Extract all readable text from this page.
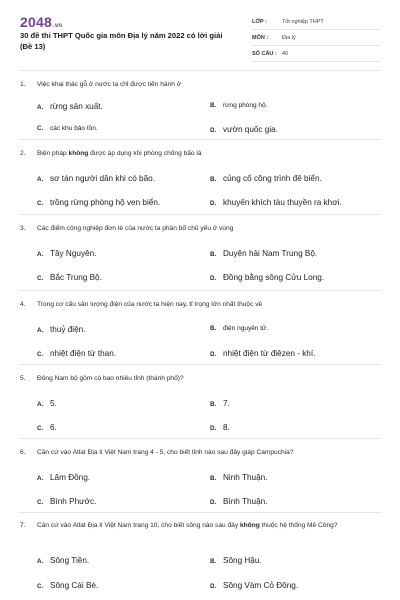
2048.vn
30 đề thi THPT Quốc gia môn Địa lý năm 2022 có lời giải (Đề 13)
LỚP :	Tốt nghiệp THPT
MÔN :	Địa lý
SỐ CÂU : 40
1.	Việc khai thác gỗ ở nước ta chỉ được tiến hành ở
A. rừng sản xuất.	B.	rừng phòng hộ.
C.	các khu bảo tồn.	D. vườn quốc gia.
2.	Biện pháp không được áp dụng khi phòng chống bão là
A. sơ tán người dân khi có bão.	B. củng cố công trình đê biển.
C. trồng rừng phòng hộ ven biển.	D. khuyến khích tàu thuyền ra khơi.
3.	Các điểm công nghiệp đơn lẻ của nước ta phân bố chủ yếu ở vùng
A. Tây Nguyên.	B. Duyên hải Nam Trung Bộ.
C. Bắc Trung Bộ.	D. Đồng bằng sông Cửu Long.
4.	Trong cơ cấu sản lượng điện của nước ta hiện nay, tỉ trọng lớn nhất thuộc về
A. thuỷ điện.	B.	điện nguyên tử.
C. nhiệt điện từ than.	D. nhiệt điện từ điêzen - khí.
5.	Đông Nam bộ gồm có bao nhiêu tỉnh (thành phố)?
A. 5.	B. 7.
C. 6.	D. 8.
6.	Căn cứ vào Atlat Địa lí Việt Nam trang 4 - 5, cho biết tỉnh nào sau đây giáp Campuchia?
A. Lâm Đồng.	B. Ninh Thuận.
C. Bình Phước.	D. Bình Thuận.
7.	Căn cứ vào Atlat Địa lí Việt Nam trang 10, cho biết sông nào sau đây không thuộc hệ thống Mê Công?
A. Sông Tiền.	B. Sông Hậu.
C. Sông Cái Bè.	D. Sông Vàm Cỏ Đông.
